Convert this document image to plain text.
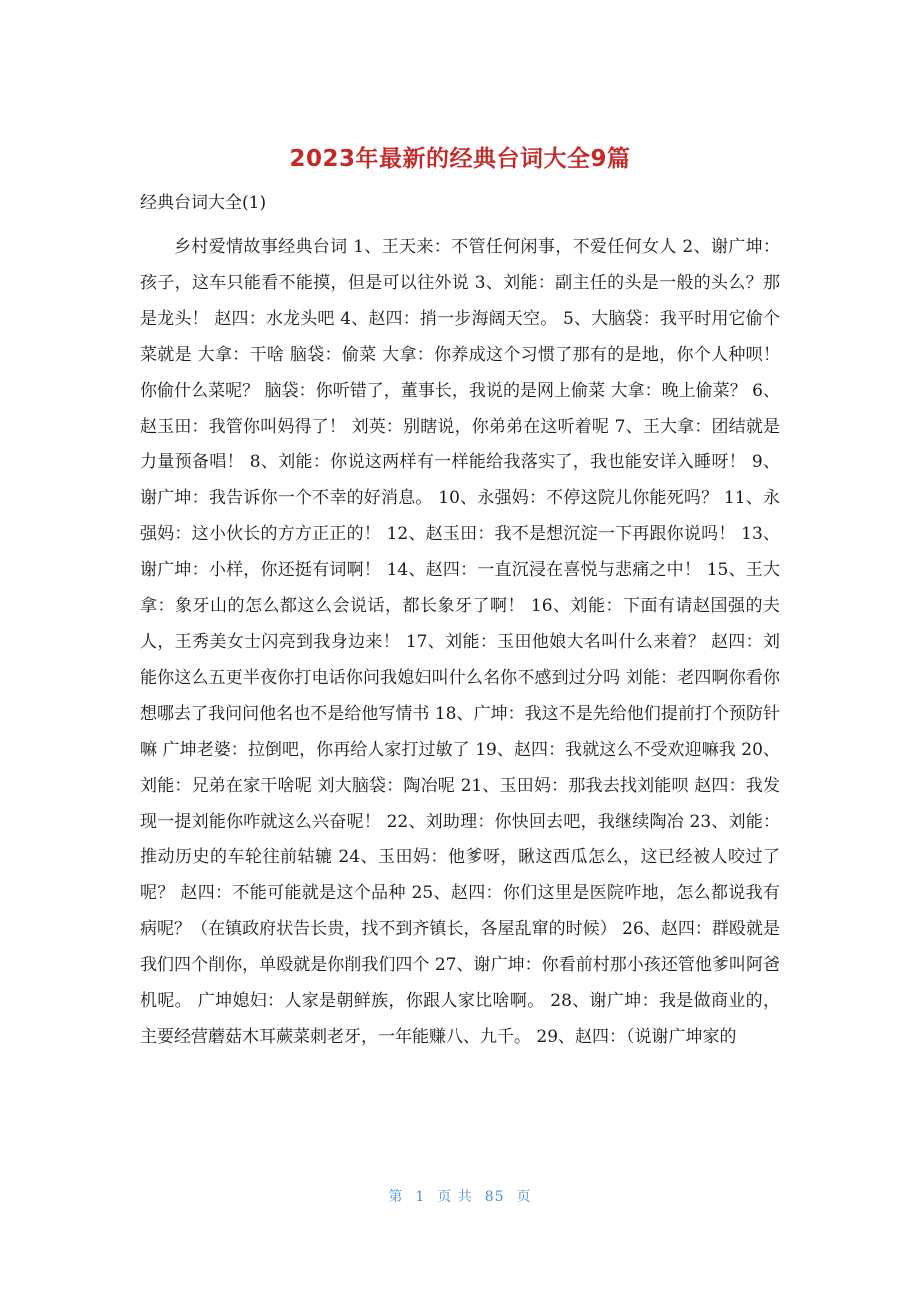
2023年最新的经典台词大全9篇

经典台词大全(1)

乡村爱情故事经典台词 1、王天来：不管任何闲事，不爱任何女人 2、谢广坤：孩子，这车只能看不能摸，但是可以往外说 3、刘能：副主任的头是一般的头么？那是龙头！ 赵四：水龙头吧 4、赵四：捎一步海阔天空。 5、大脑袋：我平时用它偷个菜就是 大拿：干啥 脑袋：偷菜 大拿：你养成这个习惯了那有的是地，你个人种呗！你偷什么菜呢？ 脑袋：你听错了，董事长，我说的是网上偷菜 大拿：晚上偷菜？ 6、赵玉田：我管你叫妈得了！ 刘英：别瞎说，你弟弟在这听着呢 7、王大拿：团结就是力量预备唱！ 8、刘能：你说这两样有一样能给我落实了，我也能安详入睡呀！ 9、谢广坤：我告诉你一个不幸的好消息。 10、永强妈：不停这院儿你能死吗？ 11、永强妈：这小伙长的方方正正的！ 12、赵玉田：我不是想沉淀一下再跟你说吗！ 13、谢广坤：小样，你还挺有词啊！ 14、赵四：一直沉浸在喜悦与悲痛之中！ 15、王大拿：象牙山的怎么都这么会说话，都长象牙了啊！ 16、刘能：下面有请赵国强的夫人，王秀美女士闪亮到我身边来！ 17、刘能：玉田他娘大名叫什么来着？ 赵四：刘能你这么五更半夜你打电话你问我媳妇叫什么名你不感到过分吗 刘能：老四啊你看你想哪去了我问问他名也不是给他写情书 18、广坤：我这不是先给他们提前打个预防针嘛 广坤老婆：拉倒吧，你再给人家打过敏了 19、赵四：我就这么不受欢迎嘛我 20、刘能：兄弟在家干啥呢 刘大脑袋：陶冶呢 21、玉田妈：那我去找刘能呗 赵四：我发现一提刘能你咋就这么兴奋呢！ 22、刘助理：你快回去吧，我继续陶冶 23、刘能：推动历史的车轮往前轱辘 24、玉田妈：他爹呀，瞅这西瓜怎么，这已经被人咬过了呢？ 赵四：不能可能就是这个品种 25、赵四：你们这里是医院咋地，怎么都说我有病呢？（在镇政府状告长贵，找不到齐镇长，各屋乱窜的时候） 26、赵四：群殴就是我们四个削你，单殴就是你削我们四个 27、谢广坤：你看前村那小孩还管他爹叫阿爸机呢。 广坤媳妇：人家是朝鲜族，你跟人家比啥啊。 28、谢广坤：我是做商业的，主要经营蘑菇木耳蕨菜刺老牙，一年能赚八、九千。 29、赵四：（说谢广坤家的

第 1 页 共 85 页
